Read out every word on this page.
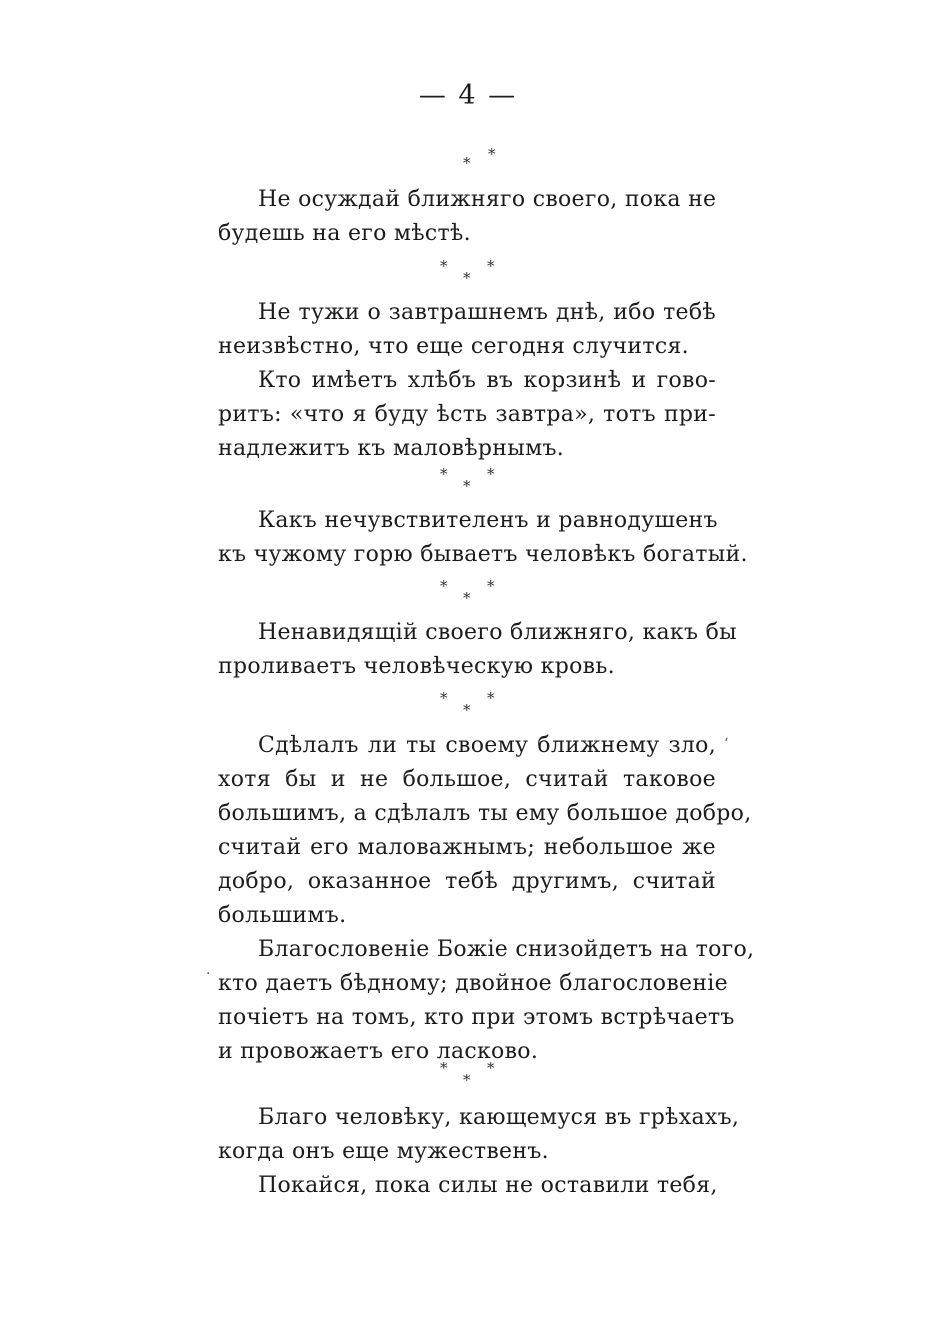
— 4 —
* *
Не осуждай ближняго своего, пока не
будешь на его мѣстѣ.
*
*
*
Не тужи о завтрашнемъ днѣ, ибо тебѣ
неизвѣстно, что еще сегодня случится.
Кто имѣетъ хлѣбъ въ корзинѣ и гово-
ритъ: «что я буду ѣсть завтра», тотъ при-
надлежитъ къ маловѣрнымъ.
*
*
*
Какъ нечувствителенъ и равнодушенъ
къ чужому горю бываетъ человѣкъ богатый.
*
*
*
Ненавидящій своего ближняго, какъ бы
проливаетъ человѣческую кровь.
*
*
*
Сдѣлалъ ли ты своему ближнему зло,
хотя бы и не большое, считай таковое
большимъ, а сдѣлалъ ты ему большое добро,
считай его маловажнымъ; небольшое же
добро, оказанное тебѣ другимъ, считай
большимъ.
Благословеніе Божіе снизойдетъ на того,
кто даетъ бѣдному; двойное благословеніе
почіетъ на томъ, кто при этомъ встрѣчаетъ
и провожаетъ его ласково.
‘
·
*
*
*
Благо человѣку, кающемуся въ грѣхахъ,
когда онъ еще мужественъ.
Покайся, пока силы не оставили тебя,
